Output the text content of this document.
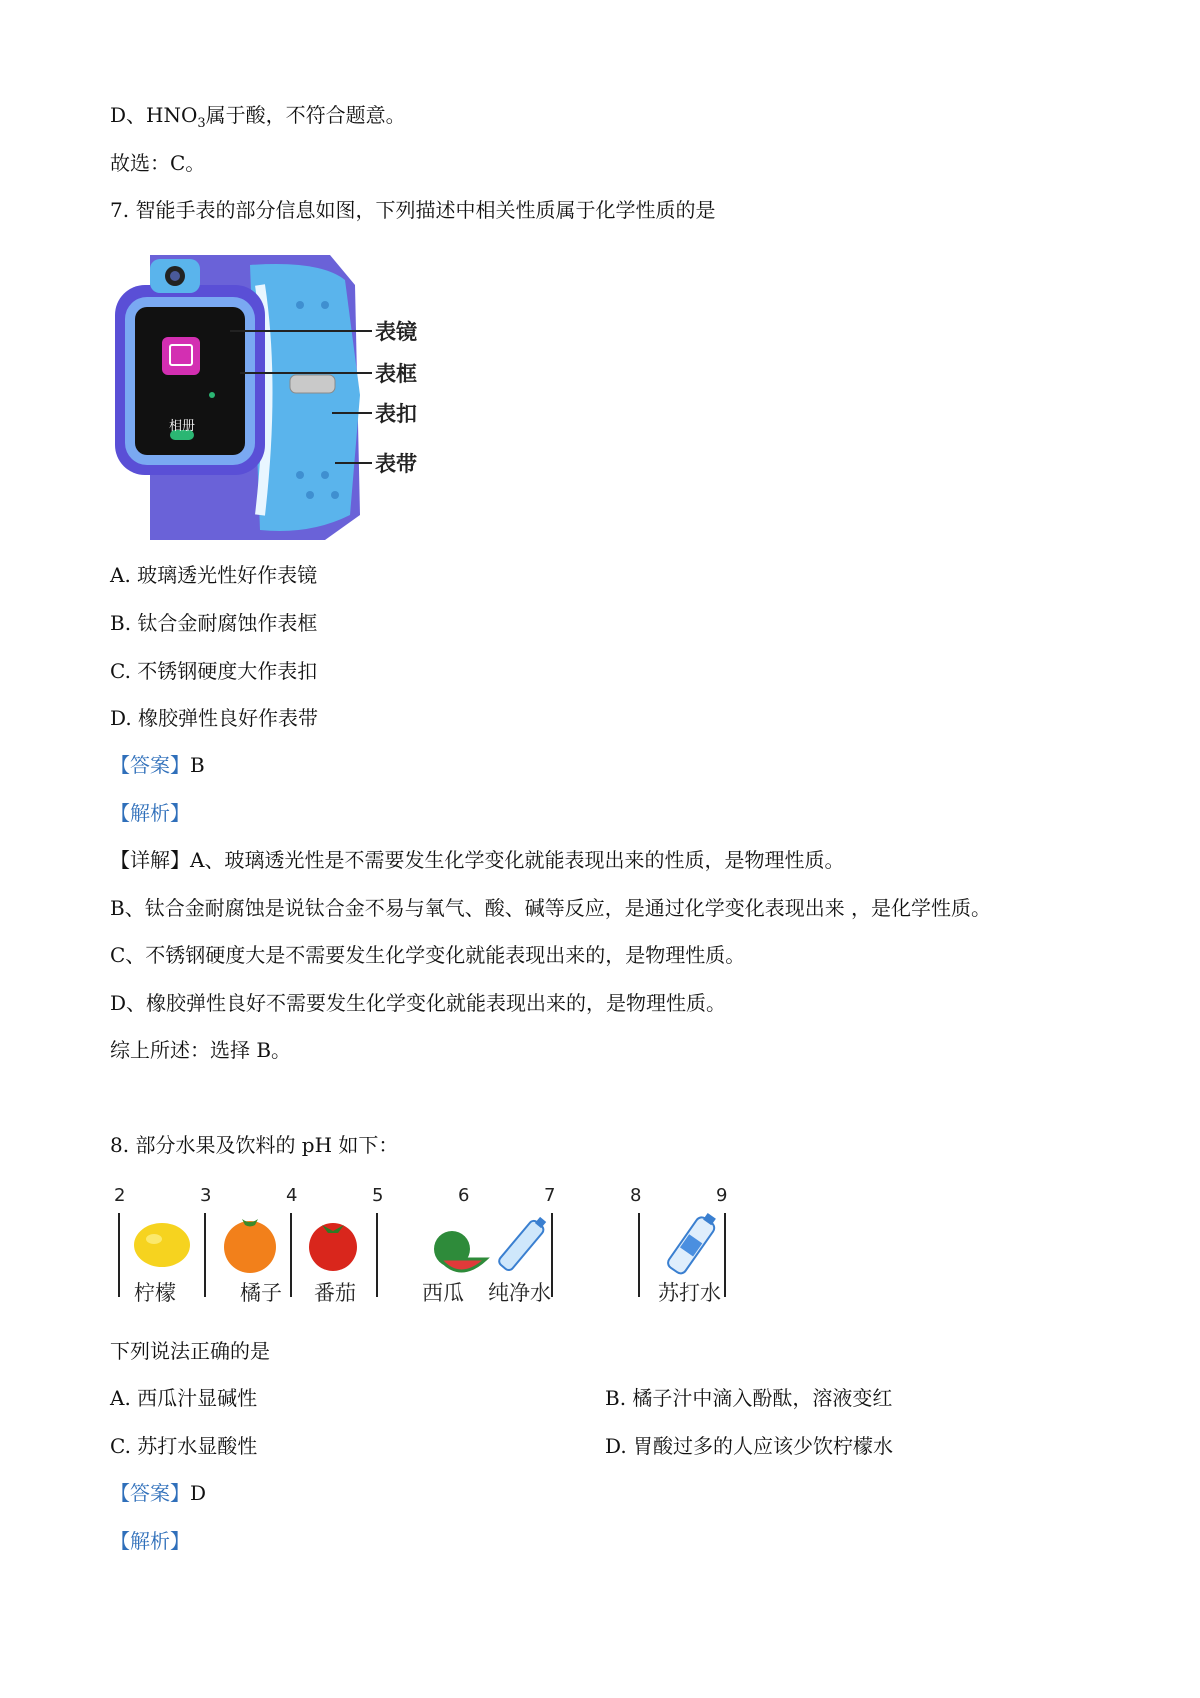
D、$HNO_3$属于酸，不符合题意。
故选：C。
7. 智能手表的部分信息如图，下列描述中相关性质属于化学性质的是
相册
表镜
表框
表扣
表带
A. 玻璃透光性好作表镜
B. 钛合金耐腐蚀作表框
C. 不锈钢硬度大作表扣
D. 橡胶弹性良好作表带
【答案】B
【解析】
【详解】A、玻璃透光性是不需要发生化学变化就能表现出来的性质，是物理性质。
B、钛合金耐腐蚀是说钛合金不易与氧气、酸、碱等反应，是通过化学变化表现出来 ，是化学性质。
C、不锈钢硬度大是不需要发生化学变化就能表现出来的，是物理性质。
D、橡胶弹性良好不需要发生化学变化就能表现出来的，是物理性质。
综上所述：选择 B。
8. 部分水果及饮料的 pH 如下：
2	3	4	5	6	7	8	9
柠檬	橘子 番茄	西瓜 纯净水	苏打水
下列说法正确的是
A. 西瓜汁显碱性	B. 橘子汁中滴入酚酞，溶液变红
C. 苏打水显酸性	D. 胃酸过多的人应该少饮柠檬水
【答案】D
【解析】
